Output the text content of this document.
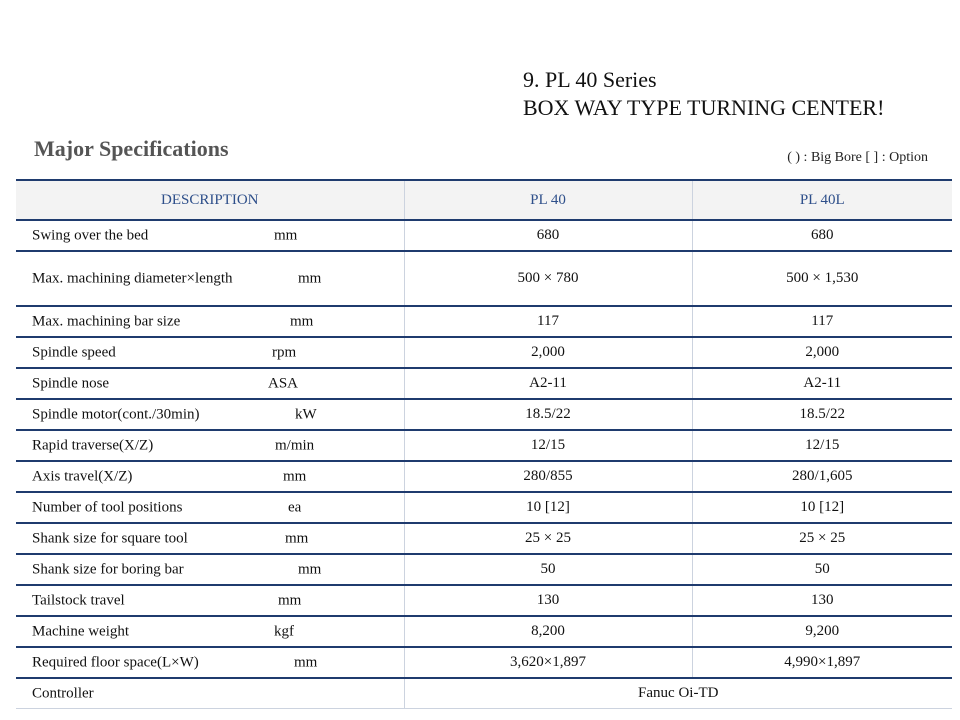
9. PL 40 Series
BOX WAY TYPE TURNING CENTER!
Major Specifications	( ) : Big Bore [ ] : Option
DESCRIPTION	PL 40	PL 40L

Swing over the bed mm	680	680

Max. machining diameter×length mm	500 × 780	500 × 1,530

Max. machining bar size mm	117	117

Spindle speed rpm	2,000	2,000

Spindle nose ASA	A2-11	A2-11

Spindle motor(cont./30min) kW	18.5/22	18.5/22

Rapid traverse(X/Z) m/min	12/15	12/15

Axis travel(X/Z) mm	280/855	280/1,605

Number of tool positions ea	10 [12]	10 [12]

Shank size for square tool mm	25 × 25	25 × 25

Shank size for boring bar mm	50	50

Tailstock travel mm	130	130

Machine weight kgf	8,200	9,200

Required floor space(L×W) mm	3,620×1,897	4,990×1,897

Controller	Fanuc Oi-TD	
